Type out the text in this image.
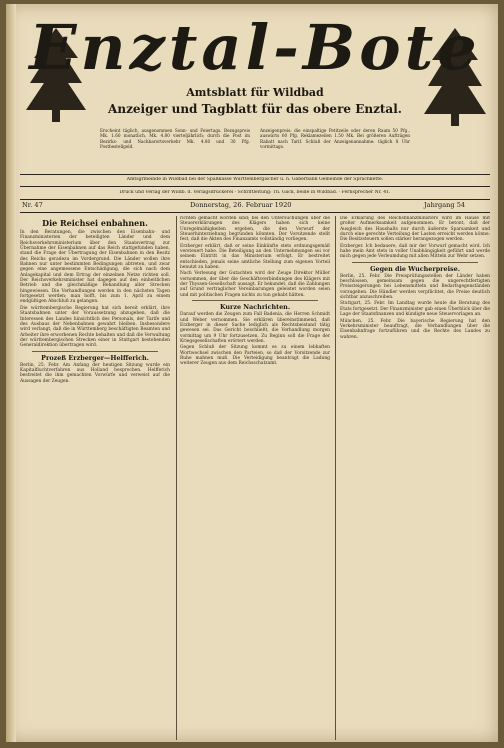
Enztal-Bote
Amtsblatt für Wildbad
Anzeiger und Tagblatt für das obere Enztal.
Erscheint täglich, ausgenommen Sonn- und Feiertags. Bezugspreis Mk. 1.60 monatlich, Mk. 4.80 vierteljährlich; durch die Post im Bezirks- und Nachbarortsverkehr Mk. 4.80 und 30 Pfg. Postbestellgeld.
Anzeigenpreis: die einspaltige Petitzeile oder deren Raum 50 Pfg., auswärts 60 Pfg. Reklamezeilen 1.50 Mk. Bei größeren Aufträgen Rabatt nach Tarif. Schluß der Anzeigenannahme: täglich 8 Uhr vormittags.
Amtsgrmeinde in Wildbad bei der Spaßkasse Württembergischer u. n. Gaberbank Gemeinde der Sprachkette.
Druck und Verlag der Wildb. d. Verlagsdruckerei · Schriftleitung: Th. Gack, beide in Wildbad. · Fernsprecher Nr. 41.
Nr. 47	Donnerstag, 26. Februar 1920	Jahrgang 54
Die Reichsei enbahnen.

In den Beratungen, die zwischen den Eisenbahn- und Finanzministerien der beteiligten Länder und dem Reichsverkehrsministerium über den Staatsvertrag zur Übernahme der Eisenbahnen auf das Reich stattgefunden haben, stand die Frage der Übertragung der Eisenbahnen in den Besitz des Reichs geradezu im Vordergrund. Die Länder wollen ihre Bahnen nur unter bestimmten Bedingungen abtreten, und zwar gegen eine angemessene Entschädigung, die sich nach dem Anlagekapital und dem Ertrag der einzelnen Netze richten soll. Der Reichsverkehrsminister hat dagegen auf den einheitlichen Betrieb und die gleichmäßige Behandlung aller Strecken hingewiesen. Die Verhandlungen werden in den nächsten Tagen fortgesetzt werden; man hofft, bis zum 1. April zu einem endgültigen Abschluß zu gelangen.

Die württembergische Regierung hat sich bereit erklärt, ihre Staatsbahnen unter der Voraussetzung abzugeben, daß die Interessen des Landes hinsichtlich des Personals, der Tarife und des Ausbaus der Nebenbahnen gewahrt bleiben. Insbesondere wird verlangt, daß die in Württemberg beschäftigten Beamten und Arbeiter ihre erworbenen Rechte behalten und daß die Verwaltung der württembergischen Strecken einer in Stuttgart bestehenden Generaldirektion übertragen wird.

Prozeß Erzberger—Helfferich.

Berlin, 25. Febr. Am Anfang der heutigen Sitzung wurde ein Kapitalfluchtverfahren aus Holland besprochen. Helfferich bestreitet die ihm gemachten Vorwürfe und verweist auf die Aussagen der Zeugen.

richten gemacht worden sind; bei den Untersuchungen über die Steuererklärungen des Klägers haben sich keine Unregelmäßigkeiten ergeben, die den Vorwurf der Steuerhinterziehung begründen könnten. Der Vorsitzende stellt fest, daß die Akten des Finanzamts vollständig vorliegen.

Erzberger erklärt, daß er seine Einkünfte stets ordnungsgemäß versteuert habe. Die Beteiligung an den Unternehmungen sei vor seinem Eintritt in das Ministerium erfolgt. Er bestreitet entschieden, jemals seine amtliche Stellung zum eigenen Vorteil benutzt zu haben.

Nach Verlesung der Gutachten wird der Zeuge Direktor Müller vernommen, der über die Geschäftsverbindungen des Klägers mit der Thyssen-Gesellschaft aussagt. Er bekundet, daß die Zahlungen auf Grund vertraglicher Vereinbarungen geleistet worden seien und mit politischen Fragen nichts zu tun gehabt hätten.

Kurze Nachrichten.

Darauf werden die Zeugen zum Fall Badenia, die Herren Schmidt und Weber vernommen. Sie erklären übereinstimmend, daß Erzberger in dieser Sache lediglich als Rechtsbeistand tätig gewesen sei. Das Gericht beschließt, die Verhandlung morgen vormittag um 9 Uhr fortzusetzen. Zu Beginn soll die Frage der Kriegsgesellschaften erörtert werden.

Gegen Schluß der Sitzung kommt es zu einem lebhaften Wortwechsel zwischen den Parteien, so daß der Vorsitzende zur Ruhe mahnen muß. Die Verteidigung beantragt die Ladung weiterer Zeugen aus dem Reichsschatzamt.

Die Erklärung des Reichsfinanzministers wird im Hause mit großer Aufmerksamkeit aufgenommen. Er betont, daß der Ausgleich des Haushalts nur durch äußerste Sparsamkeit und durch eine gerechte Verteilung der Lasten erreicht werden könne. Die Besitzsteuern sollen stärker herangezogen werden.

Erzberger. Ich bedauere, daß mir der Vorwurf gemacht wird. Ich habe mein Amt stets in voller Unabhängigkeit geführt und werde mich gegen jede Verleumdung mit allen Mitteln zur Wehr setzen.

Gegen die Wucherpreise.

Berlin, 25. Febr. Die Preisprüfungsstellen der Länder haben beschlossen, gemeinsam gegen die ungerechtfertigten Preissteigerungen bei Lebensmitteln und Bedarfsgegenständen vorzugehen. Die Händler werden verpflichtet, die Preise deutlich sichtbar anzuschreiben.

Stuttgart, 25. Febr. Im Landtag wurde heute die Beratung des Etats fortgesetzt. Der Finanzminister gab einen Überblick über die Lage der Staatsfinanzen und kündigte neue Steuervorlagen an.

München, 25. Febr. Die bayerische Regierung hat den Verkehrsminister beauftragt, die Verhandlungen über die Eisenbahnfrage fortzuführen und die Rechte des Landes zu wahren.
